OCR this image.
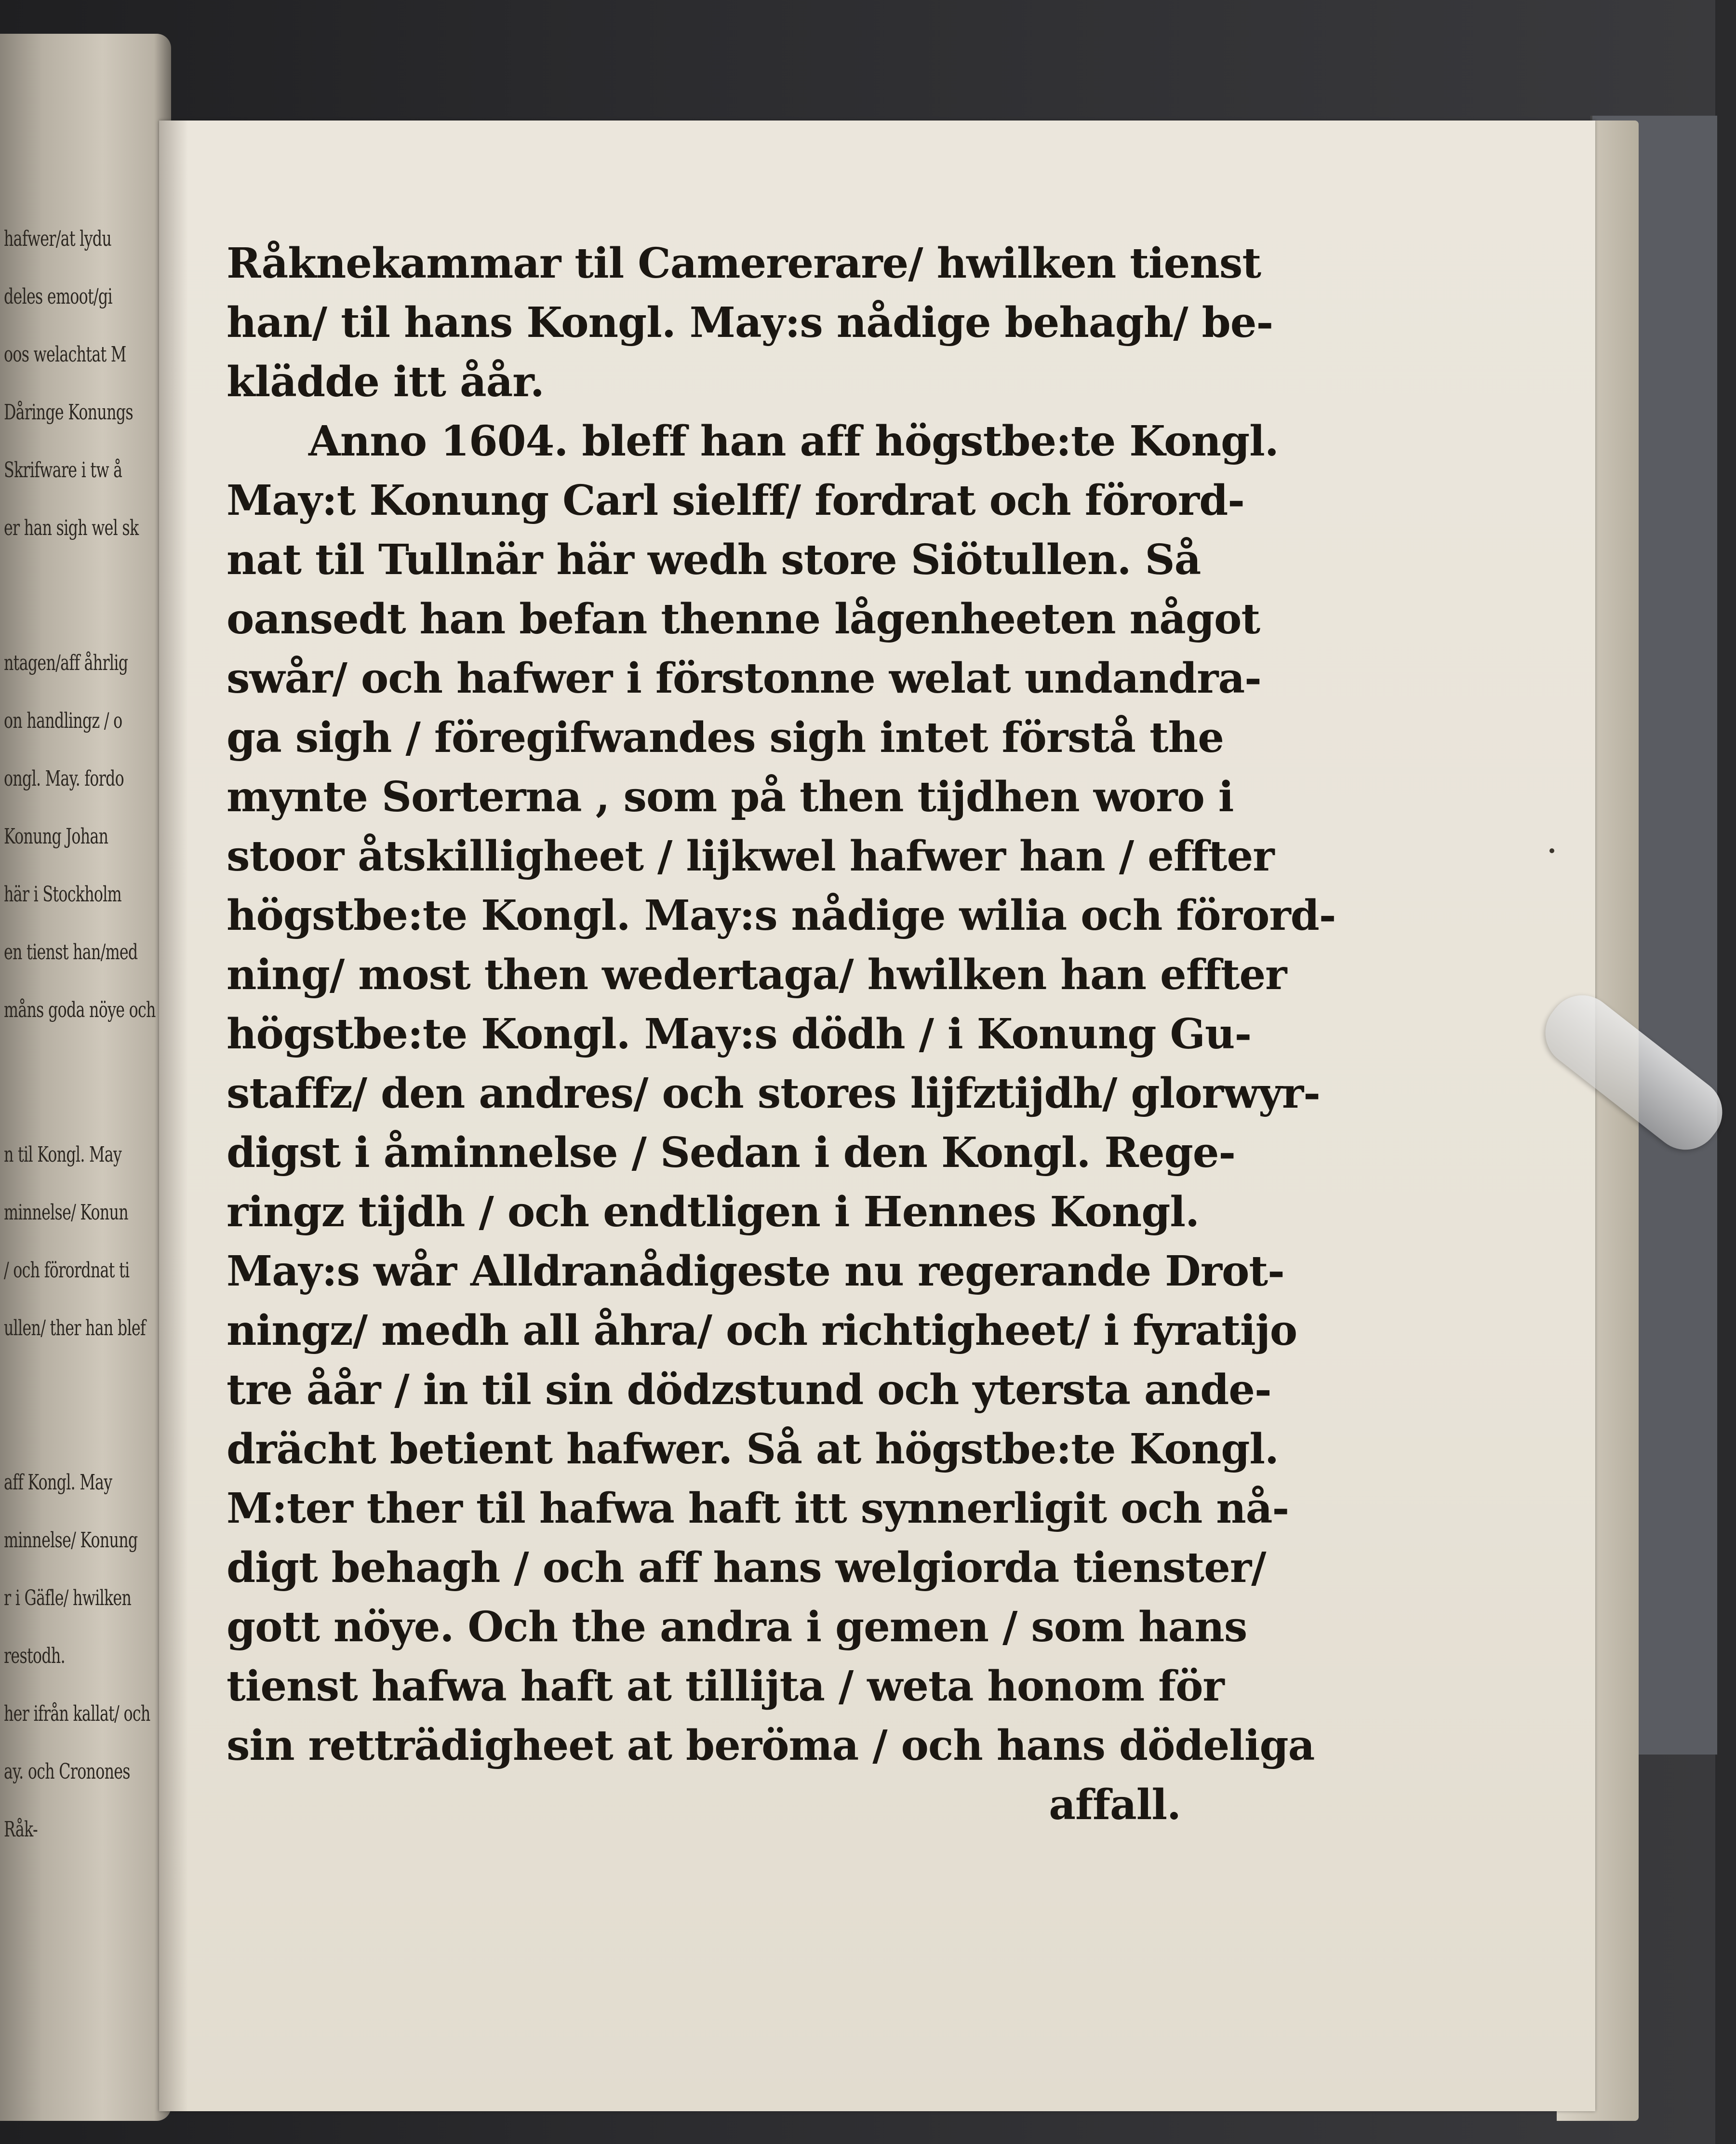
hafwer/at lydu
deles emoot/gi
oos welachtat M
Dåringe Konungs
Skrifware i tw å
er han sigh wel sk
ntagen/aff åhrlig
on handlingz / o
ongl. May. fordo
Konung Johan
här i Stockholm
en tienst han/med
måns goda nöye och
n til Kongl. May
minnelse/ Konun
/ och förordnat ti
ullen/ ther han blef
aff Kongl. May
minnelse/ Konung
r i Gäfle/ hwilken
restodh.
her ifrån kallat/ och
ay. och Cronones
Råk-
Råknekammar til Camererare/ hwilken tienst
han/ til hans Kongl. May:s nådige behagh/ be-
klädde itt åår.
Anno 1604. bleff han aff högstbe:te Kongl.
May:t Konung Carl sielff/ fordrat och förord-
nat til Tullnär här wedh store Siötullen. Så
oansedt han befan thenne lågenheeten något
swår/ och hafwer i förstonne welat undandra-
ga sigh / föregifwandes sigh intet förstå the
mynte Sorterna , som på then tijdhen woro i
stoor åtskilligheet / lijkwel hafwer han / effter
högstbe:te Kongl. May:s nådige wilia och förord-
ning/ most then wedertaga/ hwilken han effter
högstbe:te Kongl. May:s dödh / i Konung Gu-
staffz/ den andres/ och stores lijfztijdh/ glorwyr-
digst i åminnelse / Sedan i den Kongl. Rege-
ringz tijdh / och endtligen i Hennes Kongl.
May:s wår Alldranådigeste nu regerande Drot-
ningz/ medh all åhra/ och richtigheet/ i fyratijo
tre åår / in til sin dödzstund och ytersta ande-
drächt betient hafwer. Så at högstbe:te Kongl.
M:ter ther til hafwa haft itt synnerligit och nå-
digt behagh / och aff hans welgiorda tienster/
gott nöye. Och the andra i gemen / som hans
tienst hafwa haft at tillijta / weta honom för
sin retträdigheet at beröma / och hans dödeliga
affall.
